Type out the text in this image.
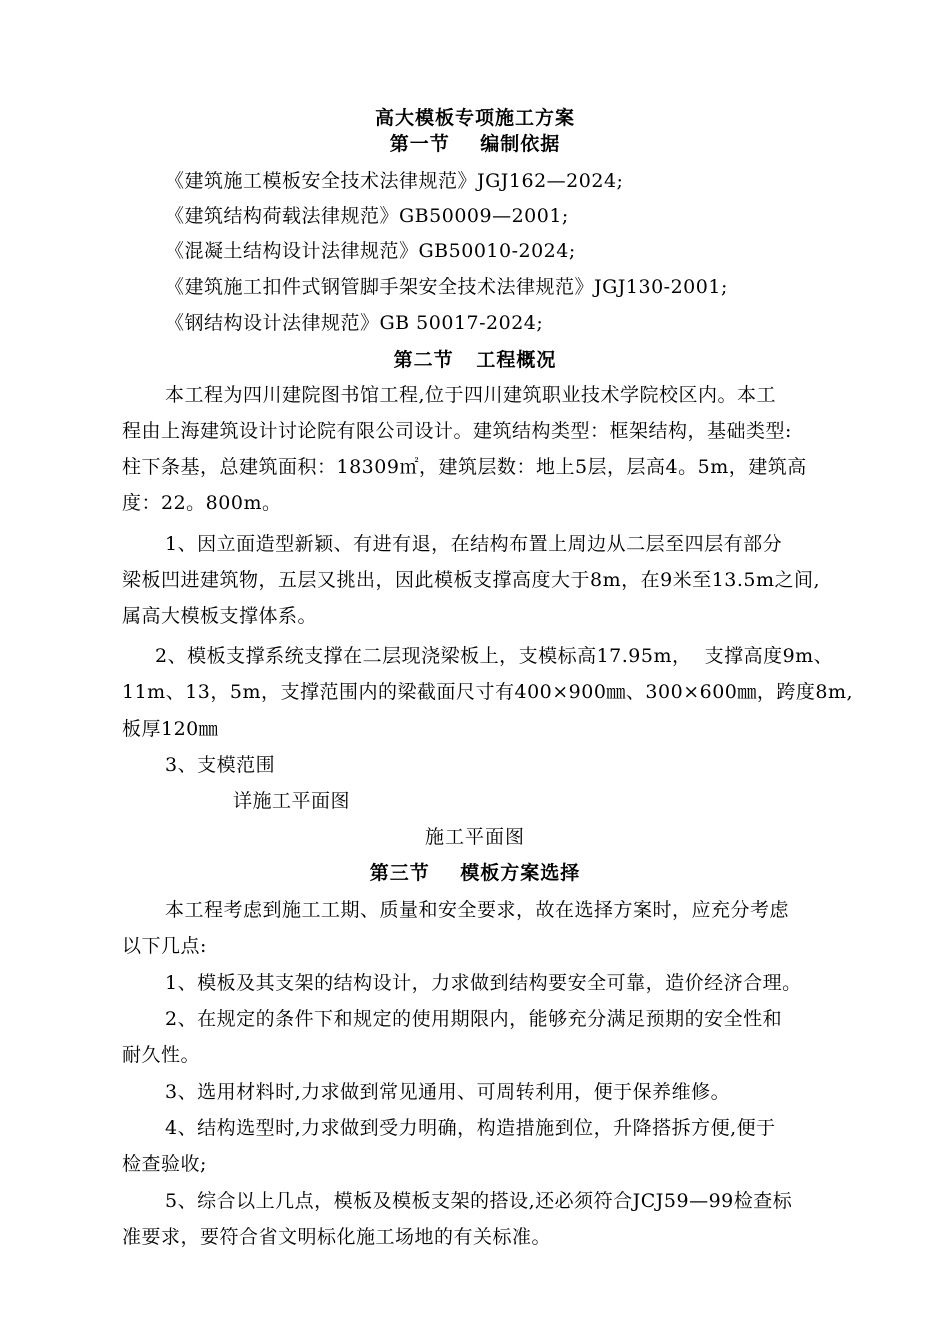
高大模板专项施工方案
第一节    编制依据
《建筑施工模板安全技术法律规范》JGJ162—2024;
《建筑结构荷载法律规范》GB50009—2001;
《混凝土结构设计法律规范》GB50010-2024;
《建筑施工扣件式钢管脚手架安全技术法律规范》JGJ130-2001;
《钢结构设计法律规范》GB 50017-2024;
第二节   工程概况
本工程为四川建院图书馆工程,位于四川建筑职业技术学院校区内。本工
程由上海建筑设计讨论院有限公司设计。建筑结构类型：框架结构，基础类型:
柱下条基，总建筑面积：18309㎡，建筑层数：地上5层，层高4。5m，建筑高
度：22。800m。
1、因立面造型新颖、有进有退，在结构布置上周边从二层至四层有部分
梁板凹进建筑物，五层又挑出，因此模板支撑高度大于8m，在9米至13.5m之间,
属高大模板支撑体系。
2、模板支撑系统支撑在二层现浇梁板上，支模标高17.95m，  支撑高度9m、
11m、13，5m，支撑范围内的梁截面尺寸有400×900㎜、300×600㎜，跨度8m,
板厚120㎜
3、支模范围
详施工平面图
施工平面图
第三节    模板方案选择
本工程考虑到施工工期、质量和安全要求，故在选择方案时，应充分考虑
以下几点:
1、模板及其支架的结构设计，力求做到结构要安全可靠，造价经济合理。
2、在规定的条件下和规定的使用期限内，能够充分满足预期的安全性和
耐久性。
3、选用材料时,力求做到常见通用、可周转利用，便于保养维修。
4、结构选型时,力求做到受力明确，构造措施到位，升降搭拆方便,便于
检查验收;
5、综合以上几点，模板及模板支架的搭设,还必须符合JCJ59—99检查标
准要求，要符合省文明标化施工场地的有关标准。
